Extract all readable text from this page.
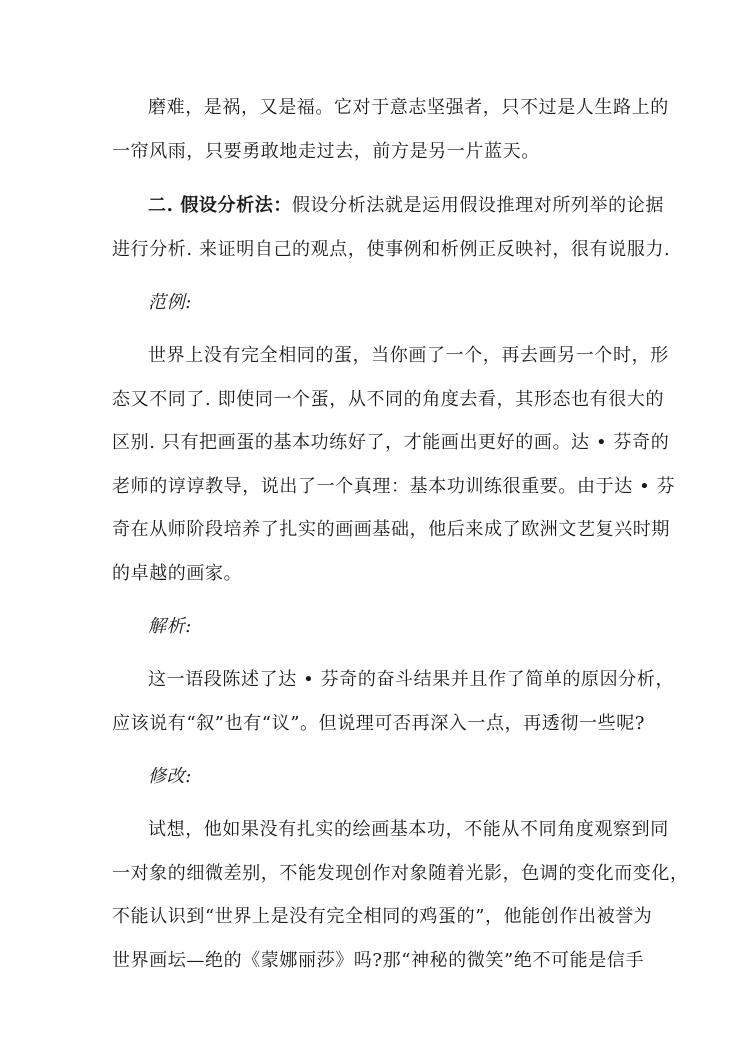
磨难，是祸，又是福。它对于意志坚强者，只不过是人生路上的
一帘风雨，只要勇敢地走过去，前方是另一片蓝天。
二. 假设分析法：假设分析法就是运用假设推理对所列举的论据
进行分析. 来证明自己的观点，使事例和析例正反映衬，很有说服力.
范例:
世界上没有完全相同的蛋，当你画了一个，再去画另一个时，形
态又不同了. 即使同一个蛋，从不同的角度去看，其形态也有很大的
区别. 只有把画蛋的基本功练好了，才能画出更好的画。达 • 芬奇的
老师的谆谆教导，说出了一个真理：基本功训练很重要。由于达 • 芬
奇在从师阶段培养了扎实的画画基础，他后来成了欧洲文艺复兴时期
的卓越的画家。
解析:
这一语段陈述了达 • 芬奇的奋斗结果并且作了简单的原因分析，
应该说有“叙”也有“议”。但说理可否再深入一点，再透彻一些呢?
修改:
试想，他如果没有扎实的绘画基本功，不能从不同角度观察到同
一对象的细微差别，不能发现创作对象随着光影，色调的变化而变化，
不能认识到“世界上是没有完全相同的鸡蛋的”，他能创作出被誉为
世界画坛—绝的《蒙娜丽莎》吗?那“神秘的微笑”绝不可能是信手
